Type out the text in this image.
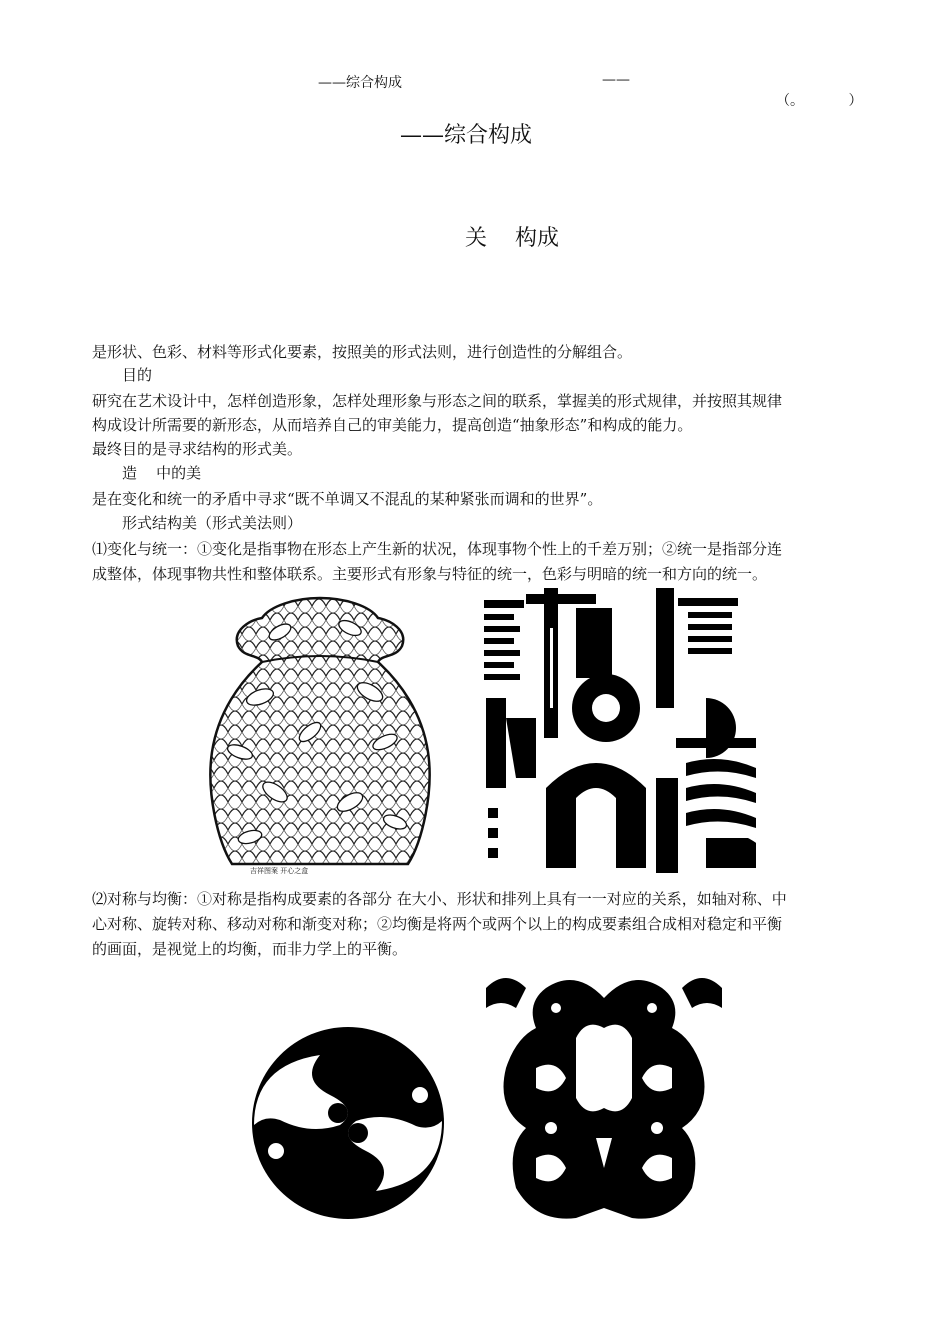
——综合构成	——
（。          ）
——综合构成
关    构成
是形状、色彩、材料等形式化要素，按照美的形式法则，进行创造性的分解组合。
目的
研究在艺术设计中，怎样创造形象，怎样处理形象与形态之间的联系，掌握美的形式规律，并按照其规律
构成设计所需要的新形态，从而培养自己的审美能力，提高创造“抽象形态”和构成的能力。
最终目的是寻求结构的形式美。
造    中的美
是在变化和统一的矛盾中寻求“既不单调又不混乱的某种紧张而调和的世界”。
形式结构美（形式美法则）
⑴变化与统一：①变化是指事物在形态上产生新的状况，体现事物个性上的千差万别；②统一是指部分连
成整体，体现事物共性和整体联系。主要形式有形象与特征的统一，色彩与明暗的统一和方向的统一。
吉祥图案 开心之盒
⑵对称与均衡：①对称是指构成要素的各部分 在大小、形状和排列上具有一一对应的关系，如轴对称、中
心对称、旋转对称、移动对称和渐变对称；②均衡是将两个或两个以上的构成要素组合成相对稳定和平衡
的画面，是视觉上的均衡，而非力学上的平衡。
